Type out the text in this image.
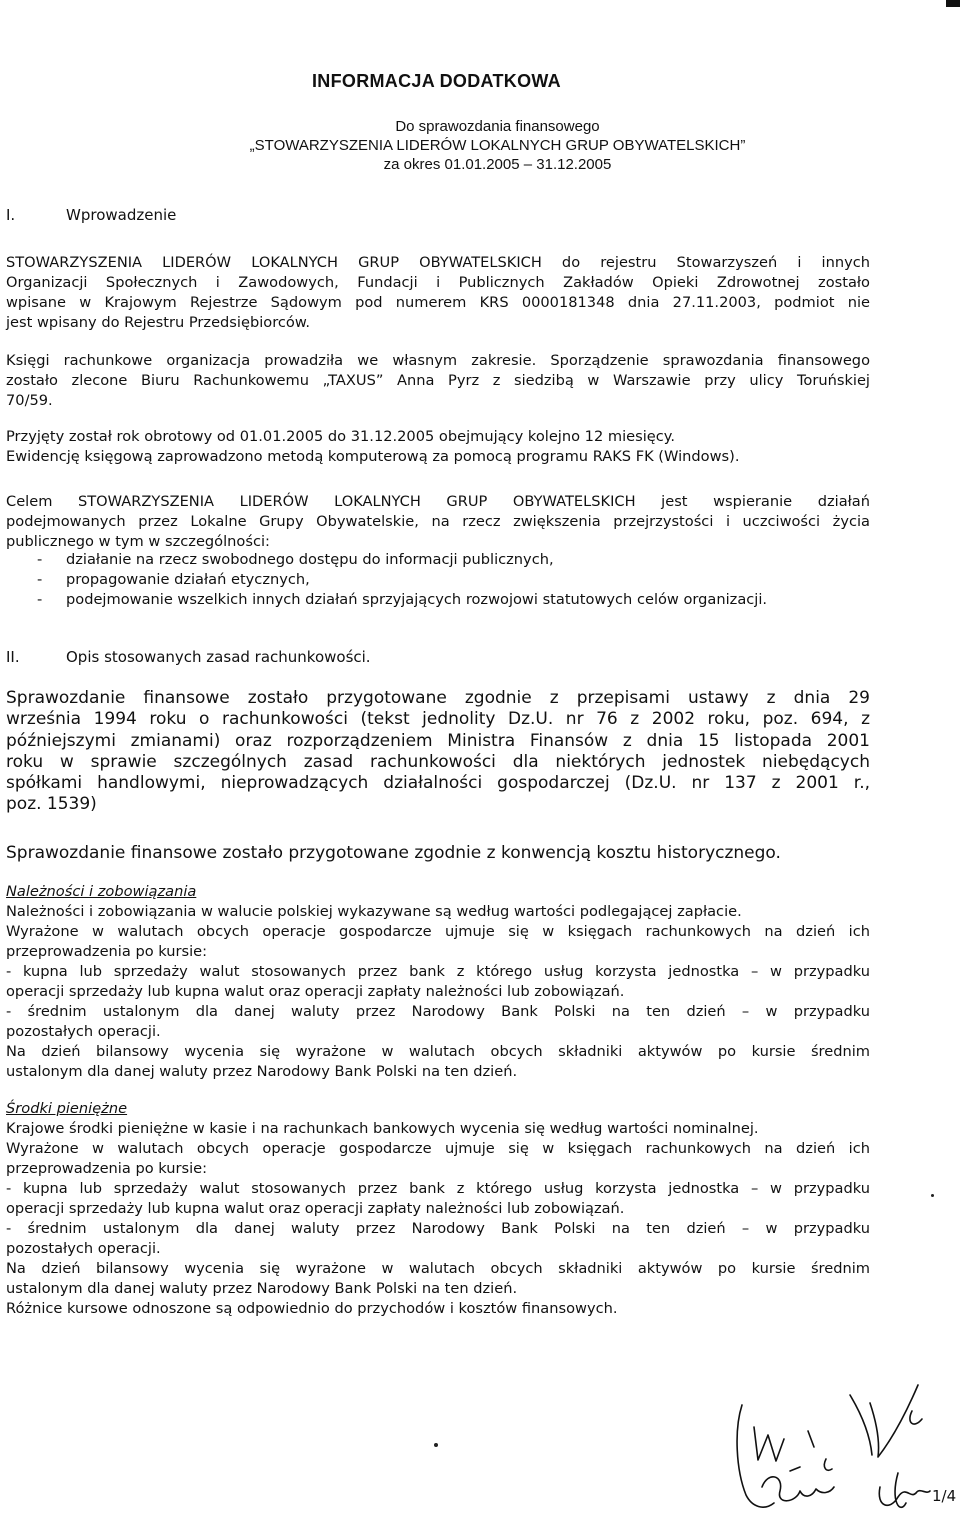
INFORMACJA DODATKOWA
Do sprawozdania finansowego
„STOWARZYSZENIA LIDERÓW LOKALNYCH GRUP OBYWATELSKICH”
za okres 01.01.2005 – 31.12.2005
I.	Wprowadzenie

STOWARZYSZENIA LIDERÓW LOKALNYCH GRUP OBYWATELSKICH do rejestru Stowarzyszeń i innych
Organizacji Społecznych i Zawodowych, Fundacji i Publicznych Zakładów Opieki Zdrowotnej zostało
wpisane w Krajowym Rejestrze Sądowym pod numerem KRS 0000181348 dnia 27.11.2003, podmiot nie
jest wpisany do Rejestru Przedsiębiorców.

Księgi rachunkowe organizacja prowadziła we własnym zakresie. Sporządzenie sprawozdania finansowego
zostało zlecone Biuru Rachunkowemu „TAXUS” Anna Pyrz z siedzibą w Warszawie przy ulicy Toruńskiej
70/59.

Przyjęty został rok obrotowy od 01.01.2005 do 31.12.2005 obejmujący kolejno 12 miesięcy.
Ewidencję księgową zaprowadzono metodą komputerową za pomocą programu RAKS FK (Windows).

Celem STOWARZYSZENIA LIDERÓW LOKALNYCH GRUP OBYWATELSKICH jest wspieranie działań
podejmowanych przez Lokalne Grupy Obywatelskie, na rzecz zwiększenia przejrzystości i uczciwości życia
publicznego w tym w szczególności:

- działanie na rzecz swobodnego dostępu do informacji publicznych,
- propagowanie działań etycznych,
- podejmowanie wszelkich innych działań sprzyjających rozwojowi statutowych celów organizacji.
II.	Opis stosowanych zasad rachunkowości.

Sprawozdanie finansowe zostało przygotowane zgodnie z przepisami ustawy z dnia 29
września 1994 roku o rachunkowości (tekst jednolity Dz.U. nr 76 z 2002 roku, poz. 694, z
późniejszymi zmianami) oraz rozporządzeniem Ministra Finansów z dnia 15 listopada 2001
roku w sprawie szczególnych zasad rachunkowości dla niektórych jednostek niebędących
spółkami handlowymi, nieprowadzących działalności gospodarczej (Dz.U. nr 137 z 2001 r.,
poz. 1539)

Sprawozdanie finansowe zostało przygotowane zgodnie z konwencją kosztu historycznego.

Należności i zobowiązania
Należności i zobowiązania w walucie polskiej wykazywane są według wartości podlegającej zapłacie.
Wyrażone w walutach obcych operacje gospodarcze ujmuje się w księgach rachunkowych na dzień ich
przeprowadzenia po kursie:
- kupna lub sprzedaży walut stosowanych przez bank z którego usług korzysta jednostka – w przypadku
operacji sprzedaży lub kupna walut oraz operacji zapłaty należności lub zobowiązań.
- średnim ustalonym dla danej waluty przez Narodowy Bank Polski na ten dzień – w przypadku
pozostałych operacji.
Na dzień bilansowy wycenia się wyrażone w walutach obcych składniki aktywów po kursie średnim
ustalonym dla danej waluty przez Narodowy Bank Polski na ten dzień.

Środki pieniężne
Krajowe środki pieniężne w kasie i na rachunkach bankowych wycenia się według wartości nominalnej.
Wyrażone w walutach obcych operacje gospodarcze ujmuje się w księgach rachunkowych na dzień ich
przeprowadzenia po kursie:
- kupna lub sprzedaży walut stosowanych przez bank z którego usług korzysta jednostka – w przypadku
operacji sprzedaży lub kupna walut oraz operacji zapłaty należności lub zobowiązań.
- średnim ustalonym dla danej waluty przez Narodowy Bank Polski na ten dzień – w przypadku
pozostałych operacji.
Na dzień bilansowy wycenia się wyrażone w walutach obcych składniki aktywów po kursie średnim
ustalonym dla danej waluty przez Narodowy Bank Polski na ten dzień.
Różnice kursowe odnoszone są odpowiednio do przychodów i kosztów finansowych.

1/4
